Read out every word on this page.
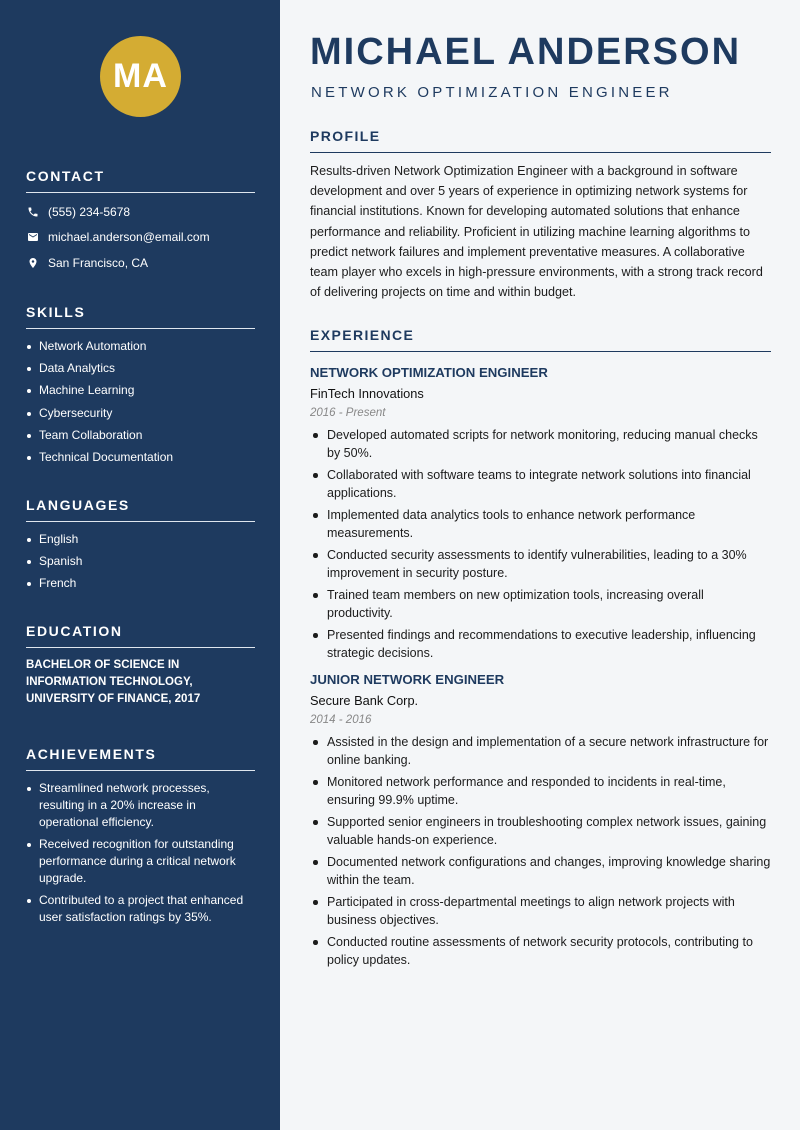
MA
CONTACT
(555) 234-5678
michael.anderson@email.com
San Francisco, CA
SKILLS
Network Automation
Data Analytics
Machine Learning
Cybersecurity
Team Collaboration
Technical Documentation
LANGUAGES
English
Spanish
French
EDUCATION

BACHELOR OF SCIENCE IN INFORMATION TECHNOLOGY, UNIVERSITY OF FINANCE, 2017

ACHIEVEMENTS
Streamlined network processes, resulting in a 20% increase in operational efficiency.
Received recognition for outstanding performance during a critical network upgrade.
Contributed to a project that enhanced user satisfaction ratings by 35%.
MICHAEL ANDERSON
NETWORK OPTIMIZATION ENGINEER
PROFILE

Results-driven Network Optimization Engineer with a background in software development and over 5 years of experience in optimizing network systems for financial institutions. Known for developing automated solutions that enhance performance and reliability. Proficient in utilizing machine learning algorithms to predict network failures and implement preventative measures. A collaborative team player who excels in high-pressure environments, with a strong track record of delivering projects on time and within budget.

EXPERIENCE
NETWORK OPTIMIZATION ENGINEER
FinTech Innovations
2016 - Present
Developed automated scripts for network monitoring, reducing manual checks by 50%.
Collaborated with software teams to integrate network solutions into financial applications.
Implemented data analytics tools to enhance network performance measurements.
Conducted security assessments to identify vulnerabilities, leading to a 30% improvement in security posture.
Trained team members on new optimization tools, increasing overall productivity.
Presented findings and recommendations to executive leadership, influencing strategic decisions.
JUNIOR NETWORK ENGINEER
Secure Bank Corp.
2014 - 2016
Assisted in the design and implementation of a secure network infrastructure for online banking.
Monitored network performance and responded to incidents in real-time, ensuring 99.9% uptime.
Supported senior engineers in troubleshooting complex network issues, gaining valuable hands-on experience.
Documented network configurations and changes, improving knowledge sharing within the team.
Participated in cross-departmental meetings to align network projects with business objectives.
Conducted routine assessments of network security protocols, contributing to policy updates.
